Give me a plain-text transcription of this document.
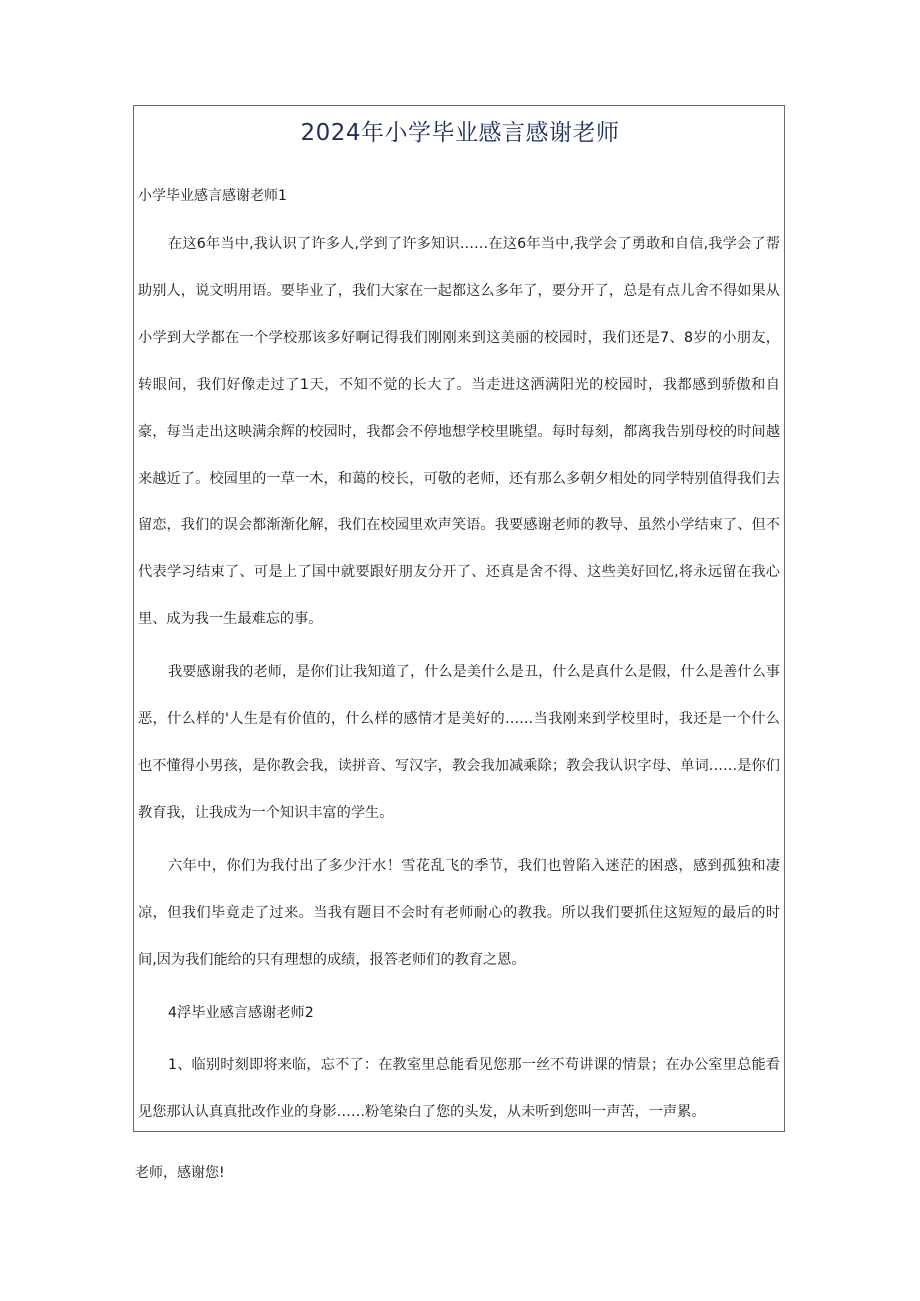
2024年小学毕业感言感谢老师
小学毕业感言感谢老师1

在这6年当中,我认识了许多人,学到了许多知识……在这6年当中,我学会了勇敢和自信,我学会了帮助别人，说文明用语。要毕业了，我们大家在一起都这么多年了，要分开了，总是有点儿舍不得如果从小学到大学都在一个学校那该多好啊记得我们刚刚来到这美丽的校园时，我们还是7、8岁的小朋友，转眼间，我们好像走过了1天，不知不觉的长大了。当走进这洒满阳光的校园时，我都感到骄傲和自豪，每当走出这映满余辉的校园时，我都会不停地想学校里眺望。每时每刻，都离我告别母校的时间越来越近了。校园里的一草一木，和蔼的校长，可敬的老师，还有那么多朝夕相处的同学特别值得我们去留恋，我们的误会都渐渐化解，我们在校园里欢声笑语。我要感谢老师的教导、虽然小学结束了、但不代表学习结束了、可是上了国中就要跟好朋友分开了、还真是舍不得、这些美好回忆,将永远留在我心里、成为我一生最难忘的事。

我要感谢我的老师，是你们让我知道了，什么是美什么是丑，什么是真什么是假，什么是善什么事恶，什么样的'人生是有价值的，什么样的感情才是美好的……当我刚来到学校里时，我还是一个什么也不懂得小男孩，是你教会我，读拼音、写汉字，教会我加减乘除；教会我认识字母、单词……是你们教育我，让我成为一个知识丰富的学生。

六年中，你们为我付出了多少汗水！雪花乱飞的季节，我们也曾陷入迷茫的困惑，感到孤独和凄凉，但我们毕竟走了过来。当我有题目不会时有老师耐心的教我。所以我们要抓住这短短的最后的时间,因为我们能给的只有理想的成绩，报答老师们的教育之恩。

4浮毕业感言感谢老师2

1、临别时刻即将来临，忘不了：在教室里总能看见您那一丝不苟讲课的情景；在办公室里总能看见您那认认真真批改作业的身影……粉笔染白了您的头发，从未听到您叫一声苦，一声累。

老师，感谢您!
